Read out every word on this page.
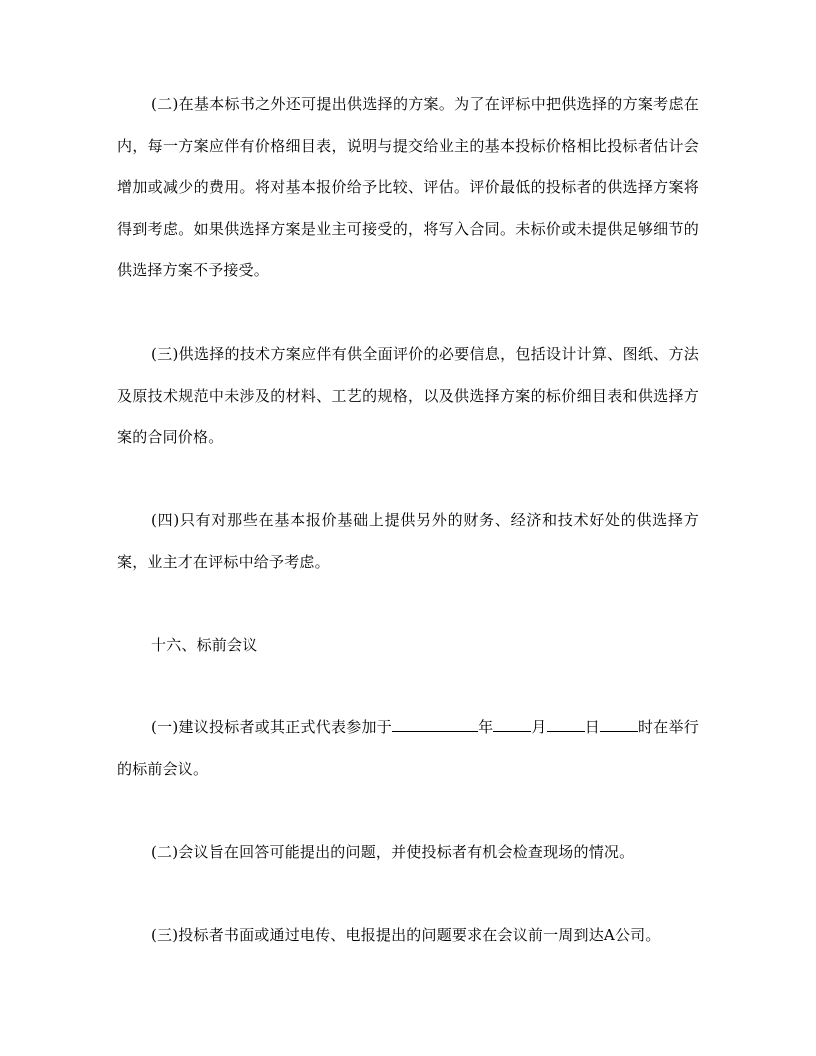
(二)在基本标书之外还可提出供选择的方案。为了在评标中把供选择的方案考虑在内，每一方案应伴有价格细目表，说明与提交给业主的基本投标价格相比投标者估计会增加或减少的费用。将对基本报价给予比较、评估。评价最低的投标者的供选择方案将得到考虑。如果供选择方案是业主可接受的，将写入合同。未标价或未提供足够细节的供选择方案不予接受。

(三)供选择的技术方案应伴有供全面评价的必要信息，包括设计计算、图纸、方法及原技术规范中未涉及的材料、工艺的规格，以及供选择方案的标价细目表和供选择方案的合同价格。

(四)只有对那些在基本报价基础上提供另外的财务、经济和技术好处的供选择方案，业主才在评标中给予考虑。

十六、标前会议

(一)建议投标者或其正式代表参加于	年	月	日	时在举行的标前会议。

(二)会议旨在回答可能提出的问题，并使投标者有机会检查现场的情况。

(三)投标者书面或通过电传、电报提出的问题要求在会议前一周到达A公司。
